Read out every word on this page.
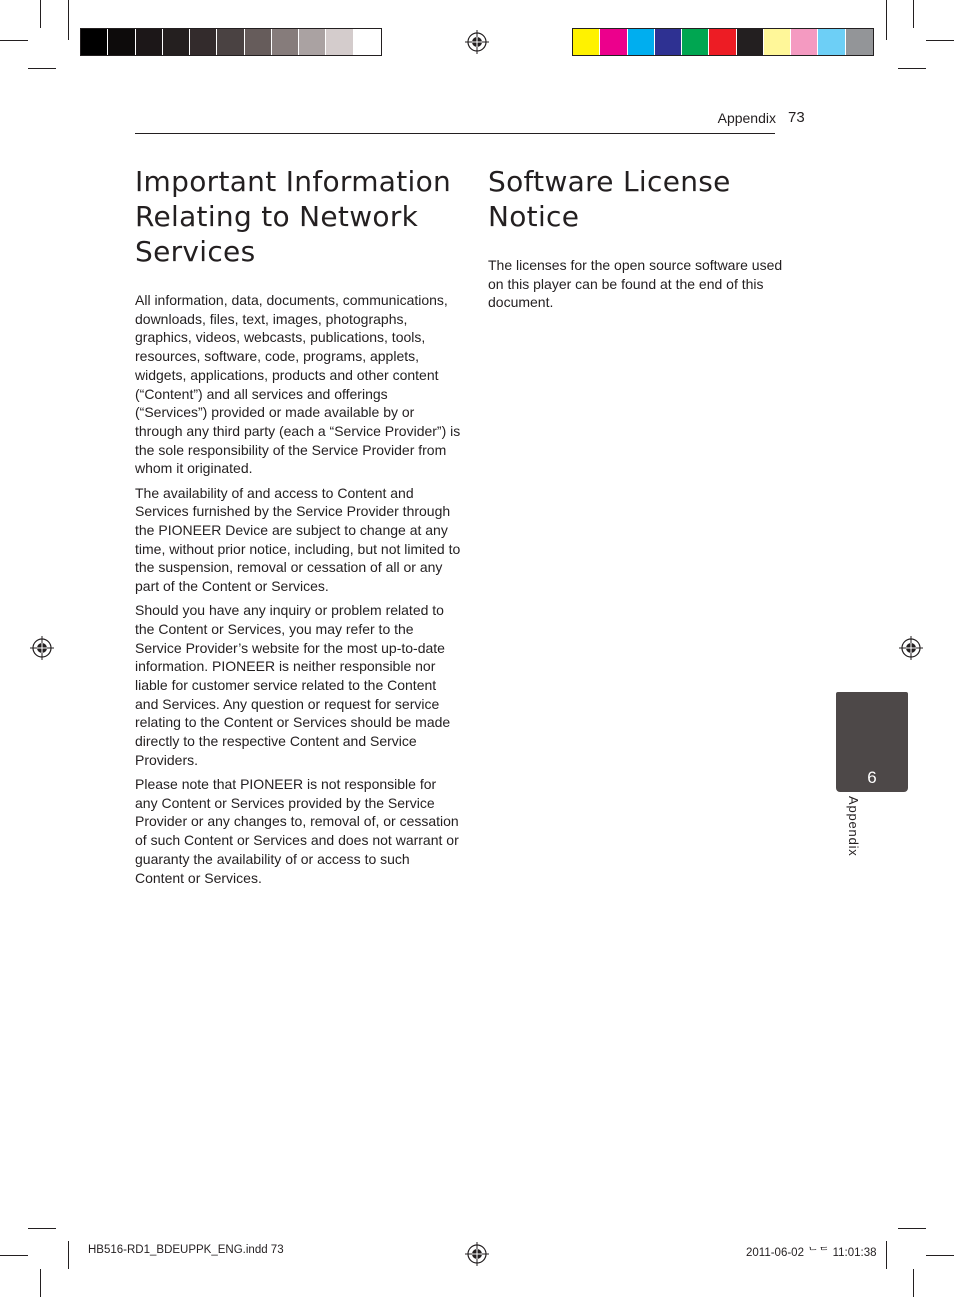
Appendix 73
Important Information Relating to Network Services

All information, data, documents, communications, downloads, files, text, images, photographs, graphics, videos, webcasts, publications, tools, resources, software, code, programs, applets, widgets, applications, products and other content (“Content”) and all services and offerings (“Services”) provided or made available by or through any third party (each a “Service Provider”) is the sole responsibility of the Service Provider from whom it originated.

The availability of and access to Content and Services furnished by the Service Provider through the PIONEER Device are subject to change at any time, without prior notice, including, but not limited to the suspension, removal or cessation of all or any part of the Content or Services.

Should you have any inquiry or problem related to the Content or Services, you may refer to the Service Provider’s website for the most up-to-date information. PIONEER is neither responsible nor liable for customer service related to the Content and Services. Any question or request for service relating to the Content or Services should be made directly to the respective Content and Service Providers.

Please note that PIONEER is not responsible for any Content or Services provided by the Service Provider or any changes to, removal of, or cessation of such Content or Services and does not warrant or guaranty the availability of or access to such Content or Services.

Software License Notice

The licenses for the open source software used on this player can be found at the end of this document.

6
Appendix
HB516-RD1_BDEUPPK_ENG.indd 73	2011-06-02 ᄂᄃ 11:01:38
